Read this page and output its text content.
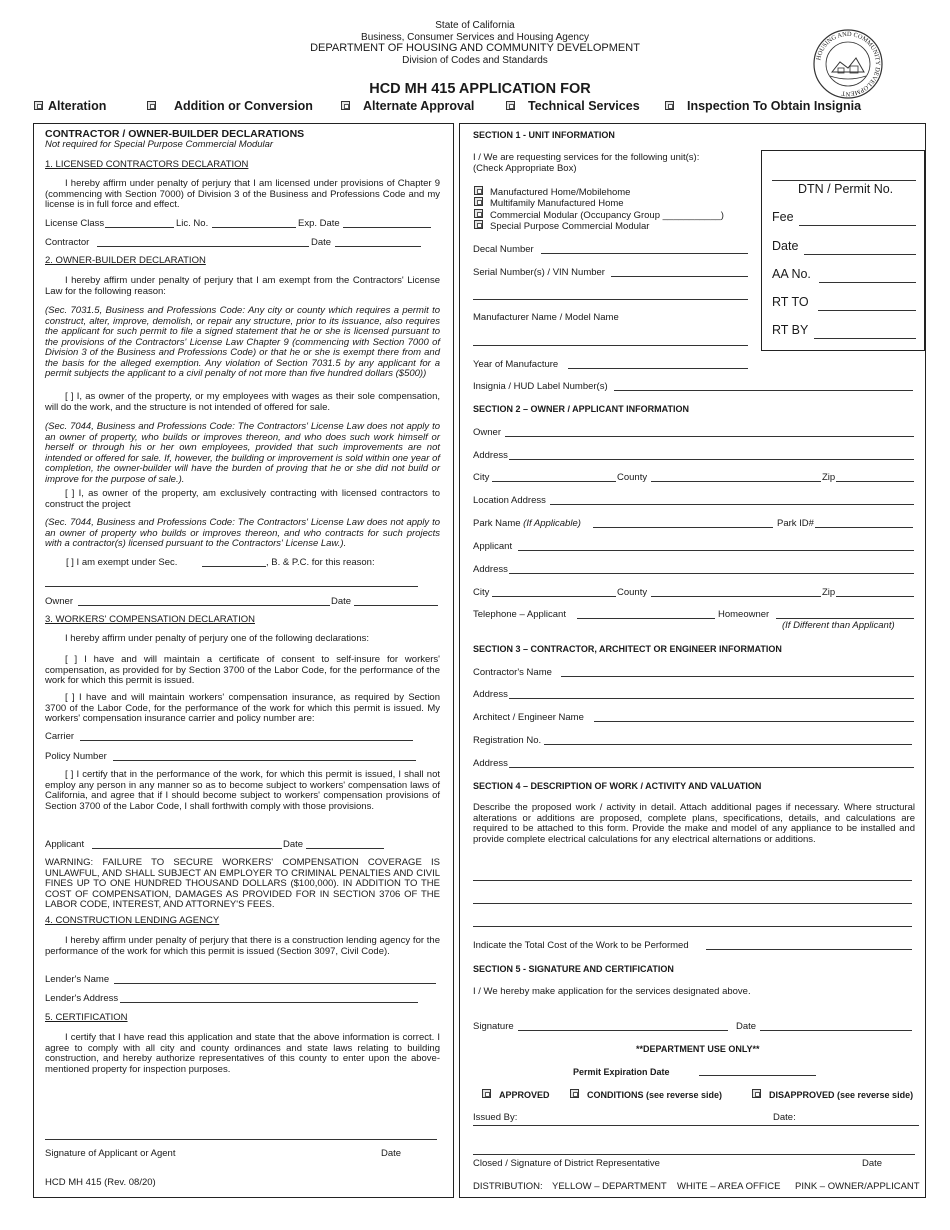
State of California
Business, Consumer Services and Housing Agency
DEPARTMENT OF HOUSING AND COMMUNITY DEVELOPMENT
Division of Codes and Standards	HOUSING AND COMMUNITY DEVELOPMENT
HCD MH 415 APPLICATION FOR
Alteration	Addition or Conversion	Alternate Approval	Technical Services	Inspection To Obtain Insignia
CONTRACTOR / OWNER-BUILDER DECLARATIONS
Not required for Special Purpose Commercial Modular
1. LICENSED CONTRACTORS DECLARATION
I hereby affirm under penalty of perjury that I am licensed under provisions of Chapter 9 (commencing with Section 7000) of Division 3 of the Business and Professions Code and my license is in full force and effect.
License Class	Lic. No.	Exp. Date
Contractor	Date
2. OWNER-BUILDER DECLARATION
I hereby affirm under penalty of perjury that I am exempt from the Contractors' License Law for the following reason:
(Sec. 7031.5, Business and Professions Code: Any city or county which requires a permit to construct, alter, improve, demolish, or repair any structure, prior to its issuance, also requires the applicant for such permit to file a signed statement that he or she is licensed pursuant to the provisions of the Contractors' License Law Chapter 9 (commencing with Section 7000 of Division 3 of the Business and Professions Code) or that he or she is exempt there from and the basis for the alleged exemption. Any violation of Section 7031.5 by any applicant for a permit subjects the applicant to a civil penalty of not more than five hundred dollars ($500))
[ ] I, as owner of the property, or my employees with wages as their sole compensation, will do the work, and the structure is not intended of offered for sale.
(Sec. 7044, Business and Professions Code: The Contractors' License Law does not apply to an owner of property, who builds or improves thereon, and who does such work himself or herself or through his or her own employees, provided that such improvements are not intended or offered for sale. If, however, the building or improvement is sold within one year of completion, the owner-builder will have the burden of proving that he or she did not build or improve for the purpose of sale.).
[ ] I, as owner of the property, am exclusively contracting with licensed contractors to construct the project
(Sec. 7044, Business and Professions Code: The Contractors' License Law does not apply to an owner of property who builds or improves thereon, and who contracts for such projects with a contractor(s) licensed pursuant to the Contractors' License Law.).
[ ] I am exempt under Sec.	, B. & P.C. for this reason:
Owner	Date
3. WORKERS' COMPENSATION DECLARATION
I hereby affirm under penalty of perjury one of the following declarations:
[ ] I have and will maintain a certificate of consent to self-insure for workers' compensation, as provided for by Section 3700 of the Labor Code, for the performance of the work for which this permit is issued.
[ ] I have and will maintain workers' compensation insurance, as required by Section 3700 of the Labor Code, for the performance of the work for which this permit is issued. My workers' compensation insurance carrier and policy number are:
Carrier
Policy Number
[ ] I certify that in the performance of the work, for which this permit is issued, I shall not employ any person in any manner so as to become subject to workers' compensation laws of California, and agree that if I should become subject to workers' compensation provisions of Section 3700 of the Labor Code, I shall forthwith comply with those provisions.
Applicant	Date
WARNING: FAILURE TO SECURE WORKERS' COMPENSATION COVERAGE IS UNLAWFUL, AND SHALL SUBJECT AN EMPLOYER TO CRIMINAL PENALTIES AND CIVIL FINES UP TO ONE HUNDRED THOUSAND DOLLARS ($100,000). IN ADDITION TO THE COST OF COMPENSATION, DAMAGES AS PROVIDED FOR IN SECTION 3706 OF THE LABOR CODE, INTEREST, AND ATTORNEY'S FEES.
4. CONSTRUCTION LENDING AGENCY
I hereby affirm under penalty of perjury that there is a construction lending agency for the performance of the work for which this permit is issued (Section 3097, Civil Code).
Lender's Name
Lender's Address
5. CERTIFICATION
I certify that I have read this application and state that the above information is correct. I agree to comply with all city and county ordinances and state laws relating to building construction, and hereby authorize representatives of this county to enter upon the above-mentioned property for inspection purposes.
Signature of Applicant or Agent	Date
HCD MH 415 (Rev. 08/20)
SECTION 1 - UNIT INFORMATION
I / We are requesting services for the following unit(s):
(Check Appropriate Box)
Manufactured Home/Mobilehome
Multifamily Manufactured Home
Commercial Modular (Occupancy Group ___________)
Special Purpose Commercial Modular
Decal Number
Serial Number(s) / VIN Number
Manufacturer Name / Model Name
Year of Manufacture
Insignia / HUD Label Number(s)
DTN / Permit No.
Fee
Date
AA No.
RT TO
RT BY
SECTION 2 – OWNER / APPLICANT INFORMATION
Owner
Address
City	County	Zip
Location Address
Park Name (If Applicable)	Park ID#
Applicant
Address
City	County	Zip
Telephone – Applicant	Homeowner
(If Different than Applicant)
SECTION 3 – CONTRACTOR, ARCHITECT OR ENGINEER INFORMATION
Contractor's Name
Address
Architect / Engineer Name
Registration No.
Address
SECTION 4 – DESCRIPTION OF WORK / ACTIVITY AND VALUATION
Describe the proposed work / activity in detail. Attach additional pages if necessary. Where structural alterations or additions are proposed, complete plans, specifications, details, and calculations are required to be attached to this form. Provide the make and model of any appliance to be installed and provide complete electrical calculations for any electrical alternations or additions.
Indicate the Total Cost of the Work to be Performed
SECTION 5 - SIGNATURE AND CERTIFICATION
I / We hereby make application for the services designated above.
Signature	Date
**DEPARTMENT USE ONLY**
Permit Expiration Date
APPROVED	CONDITIONS (see reverse side)	DISAPPROVED (see reverse side)
Issued By:	Date:
Closed / Signature of District Representative	Date
DISTRIBUTION: YELLOW – DEPARTMENT WHITE – AREA OFFICE PINK – OWNER/APPLICANT
